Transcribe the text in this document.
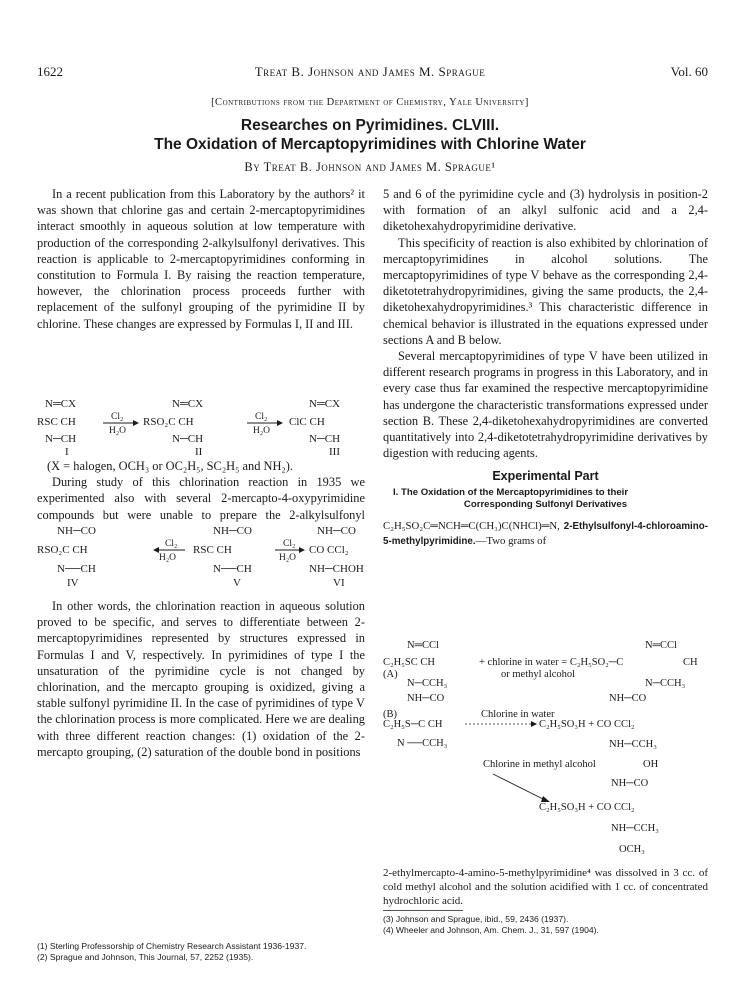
1622	Treat B. Johnson and James M. Sprague	Vol. 60
[Contributions from the Department of Chemistry, Yale University]
Researches on Pyrimidines. CLVIII.
The Oxidation of Mercaptopyrimidines with Chlorine Water
By Treat B. Johnson and James M. Sprague¹

In a recent publication from this Laboratory by the authors² it was shown that chlorine gas and certain 2-mercaptopyrimidines interact smoothly in aqueous solution at low temperature with production of the corresponding 2-alkylsulfonyl derivatives. This reaction is applicable to 2-mercaptopyrimidines conforming in constitution to Formula I. By raising the reaction temperature, however, the chlorination process proceeds further with replacement of the sulfonyl grouping of the pyrimidine II by chlorine. These changes are expressed by Formulas I, II and III.

N═CX
RSC CH
N─CH
I
Cl₂
H₂O
N═CX
RSO₂C CH
N─CH
II
Cl₂
H₂O
N═CX
ClC CH
N─CH
III

(X = halogen, OCH₃ or OC₂H₅, SC₂H₅ and NH₂).

During study of this chlorination reaction in 1935 we experimented also with several 2-mercapto-4-oxypyrimidine compounds but were unable to prepare the 2-alkylsulfonyl

NH─CO
RSO₂C CH
N──CH
IV
Cl₂
H₂O
NH─CO
RSC CH
N──CH
V
Cl₂
H₂O
NH─CO
CO CCl₂
NH─CHOH
VI

In other words, the chlorination reaction in aqueous solution proved to be specific, and serves to differentiate between 2-mercaptopyrimidines represented by structures expressed in Formulas I and V, respectively. In pyrimidines of type I the unsaturation of the pyrimidine cycle is not changed by chlorination, and the mercapto grouping is oxidized, giving a stable sulfonyl pyrimidine II. In the case of pyrimidines of type V the chlorination process is more complicated. Here we are dealing with three different reaction changes: (1) oxidation of the 2-mercapto grouping, (2) saturation of the double bond in positions

(1) Sterling Professorship of Chemistry Research Assistant 1936-1937.

(2) Sprague and Johnson, This Journal, 57, 2252 (1935).

5 and 6 of the pyrimidine cycle and (3) hydrolysis in position-2 with formation of an alkyl sulfonic acid and a 2,4-diketohexahydropyrimidine derivative.

This specificity of reaction is also exhibited by chlorination of mercaptopyrimidines in alcohol solutions. The mercaptopyrimidines of type V behave as the corresponding 2,4-diketotetrahydropyrimidines, giving the same products, the 2,4-diketohexahydropyrimidines.³ This characteristic difference in chemical behavior is illustrated in the equations expressed under sections A and B below.

Several mercaptopyrimidines of type V have been utilized in different research programs in progress in this Laboratory, and in every case thus far examined the respective mercaptopyrimidine has undergone the characteristic transformations expressed under section B. These 2,4-diketohexahydropyrimidines are converted quantitatively into 2,4-diketotetrahydropyrimidine derivatives by digestion with reducing agents.

Experimental Part
I. The Oxidation of the Mercaptopyrimidines to their
Corresponding Sulfonyl Derivatives
C₂H₅SO₂C═NCH═C(CH₃)C(NHCl)═N, 2-Ethylsulfonyl-4-chloroamino-5-methylpyrimidine.—Two grams of
N═CCl
C₂H₅SC CH
(A)
N─CCH₃
+ chlorine in water = C₂H₅SO₂─C
or methyl alcohol
N═CCl
CH
N─CCH₃
NH─CO
(B)
C₂H₅S─C CH
N ──CCH₃
Chlorine in water
NH─CO
C₂H₅SO₃H + CO CCl₂
NH─CCH₃
Chlorine in methyl alcohol	OH
NH─CO
C₂H₅SO₃H + CO CCl₂
NH─CCH₃
OCH₃

2-ethylmercapto-4-amino-5-methylpyrimidine⁴ was dissolved in 3 cc. of cold methyl alcohol and the solution acidified with 1 cc. of concentrated hydrochloric acid.

(3) Johnson and Sprague, ibid., 59, 2436 (1937).

(4) Wheeler and Johnson, Am. Chem. J., 31, 597 (1904).
